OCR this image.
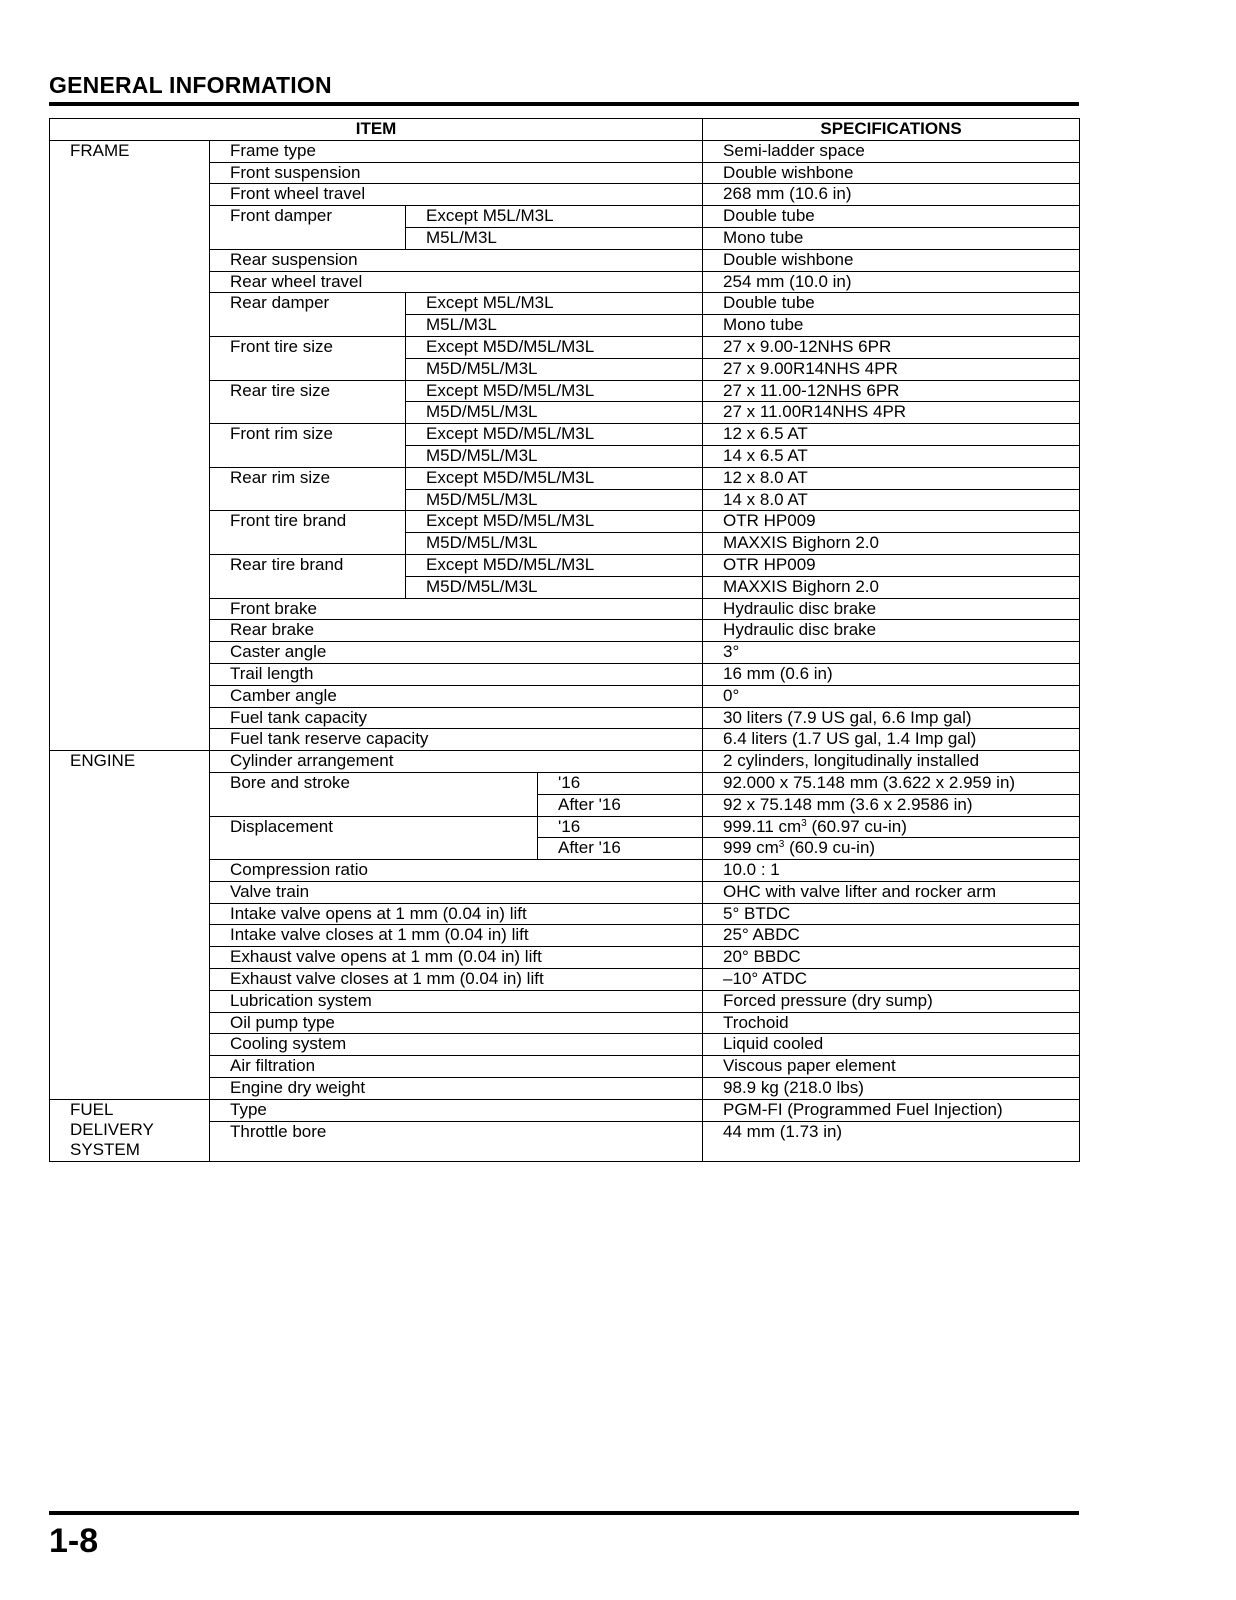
GENERAL INFORMATION
ITEM				SPECIFICATIONS
FRAME	Frame type			Semi-ladder space
	Front suspension			Double wishbone
	Front wheel travel			268 mm (10.6 in)
	Front damper	Except M5L/M3L		Double tube
		M5L/M3L		Mono tube
	Rear suspension			Double wishbone
	Rear wheel travel			254 mm (10.0 in)
	Rear damper	Except M5L/M3L		Double tube
		M5L/M3L		Mono tube
	Front tire size	Except M5D/M5L/M3L		27 x 9.00-12NHS 6PR
		M5D/M5L/M3L		27 x 9.00R14NHS 4PR
	Rear tire size	Except M5D/M5L/M3L		27 x 11.00-12NHS 6PR
		M5D/M5L/M3L		27 x 11.00R14NHS 4PR
	Front rim size	Except M5D/M5L/M3L		12 x 6.5 AT
		M5D/M5L/M3L		14 x 6.5 AT
	Rear rim size	Except M5D/M5L/M3L		12 x 8.0 AT
		M5D/M5L/M3L		14 x 8.0 AT
	Front tire brand	Except M5D/M5L/M3L		OTR HP009
		M5D/M5L/M3L		MAXXIS Bighorn 2.0
	Rear tire brand	Except M5D/M5L/M3L		OTR HP009
		M5D/M5L/M3L		MAXXIS Bighorn 2.0
	Front brake			Hydraulic disc brake
	Rear brake			Hydraulic disc brake
	Caster angle			3°
	Trail length			16 mm (0.6 in)
	Camber angle			0°
	Fuel tank capacity			30 liters (7.9 US gal, 6.6 Imp gal)
	Fuel tank reserve capacity			6.4 liters (1.7 US gal, 1.4 Imp gal)
ENGINE	Cylinder arrangement			2 cylinders, longitudinally installed
	Bore and stroke		'16	92.000 x 75.148 mm (3.622 x 2.959 in)
			After '16	92 x 75.148 mm (3.6 x 2.9586 in)
	Displacement		'16	999.11 $cm^3$ (60.97 cu-in)
			After '16	999 $cm^3$ (60.9 cu-in)
	Compression ratio			10.0 : 1
	Valve train			OHC with valve lifter and rocker arm
	Intake valve opens at 1 mm (0.04 in) lift			5° BTDC
	Intake valve closes at 1 mm (0.04 in) lift			25° ABDC
	Exhaust valve opens at 1 mm (0.04 in) lift			20° BBDC
	Exhaust valve closes at 1 mm (0.04 in) lift			–10° ATDC
	Lubrication system			Forced pressure (dry sump)
	Oil pump type			Trochoid
	Cooling system			Liquid cooled
	Air filtration			Viscous paper element
	Engine dry weight			98.9 kg (218.0 lbs)

FUEL
DELIVERY
SYSTEM	Type			PGM-FI (Programmed Fuel Injection)
	Throttle bore			44 mm (1.73 in)
1-8
